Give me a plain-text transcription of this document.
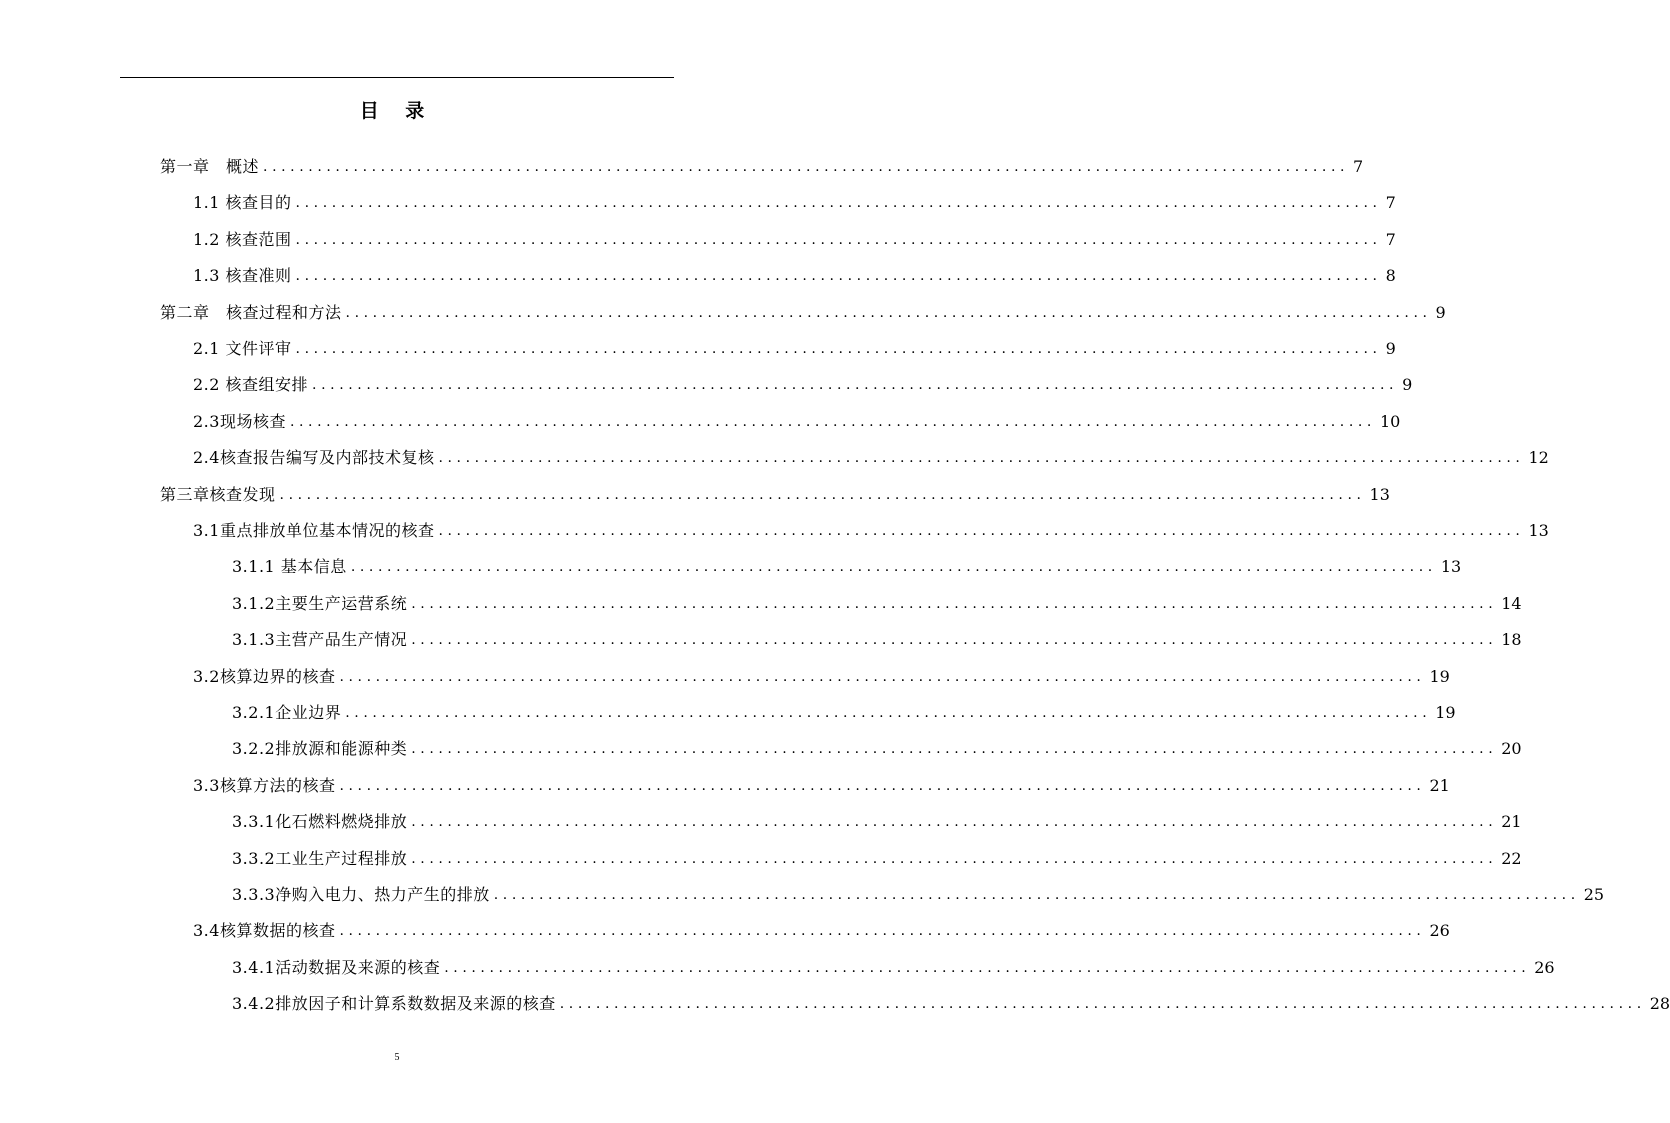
目 录
第一章　概述 ........................................................................................................................ 7
1.1 核查目的 ........................................................................................................................ 7
1.2 核查范围 ........................................................................................................................ 7
1.3 核查准则 ........................................................................................................................ 8
第二章　核查过程和方法 ........................................................................................................................ 9
2.1 文件评审 ........................................................................................................................ 9
2.2 核查组安排 ........................................................................................................................ 9
2.3现场核查 ........................................................................................................................ 10
2.4核查报告编写及内部技术复核 ........................................................................................................................ 12
第三章核查发现 ........................................................................................................................ 13
3.1重点排放单位基本情况的核查 ........................................................................................................................ 13
3.1.1 基本信息 ........................................................................................................................ 13
3.1.2主要生产运营系统 ........................................................................................................................ 14
3.1.3主营产品生产情况 ........................................................................................................................ 18
3.2核算边界的核查 ........................................................................................................................ 19
3.2.1企业边界 ........................................................................................................................ 19
3.2.2排放源和能源种类 ........................................................................................................................ 20
3.3核算方法的核查 ........................................................................................................................ 21
3.3.1化石燃料燃烧排放 ........................................................................................................................ 21
3.3.2工业生产过程排放 ........................................................................................................................ 22
3.3.3净购入电力、热力产生的排放 ........................................................................................................................ 25
3.4核算数据的核查 ........................................................................................................................ 26
3.4.1活动数据及来源的核查 ........................................................................................................................ 26
3.4.2排放因子和计算系数数据及来源的核查 ........................................................................................................................ 28
5
